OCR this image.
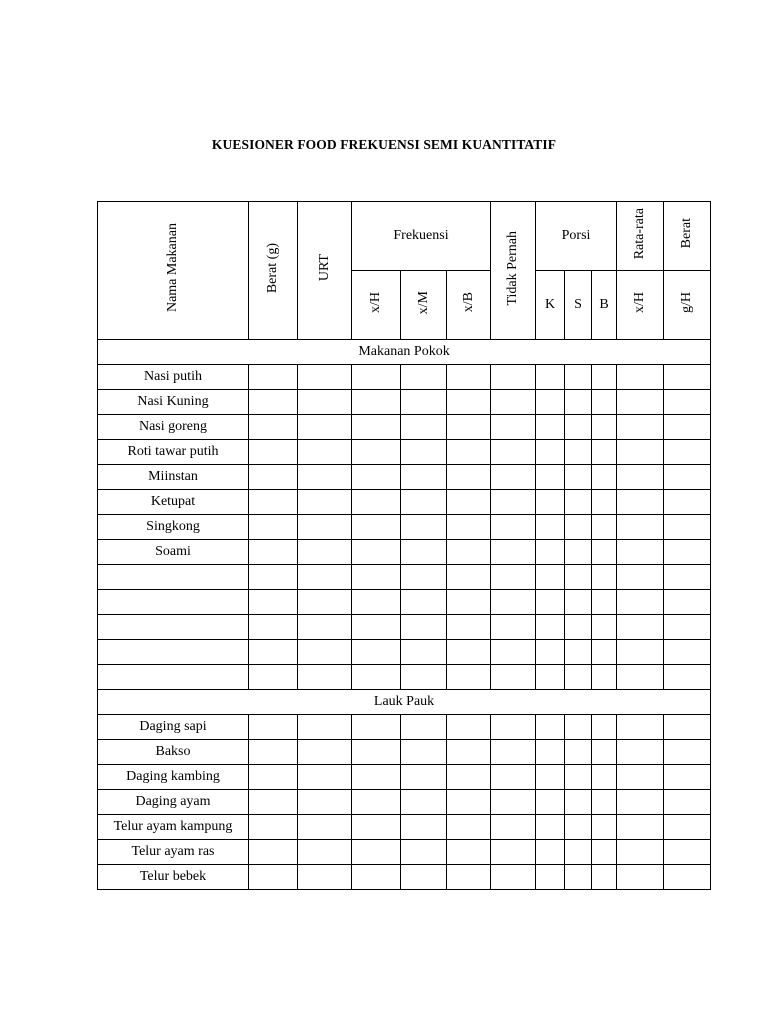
KUESIONER FOOD FREKUENSI SEMI KUANTITATIF
Nama Makanan	Berat (g)	URT	Frekuensi			Tidak Pernah	Porsi			Rata-rata	Berat
			x/H	x/M	x/B		K	S	B	x/H	g/H
Makanan Pokok											
Nasi putih											
Nasi Kuning											
Nasi goreng											
Roti tawar putih											
Miinstan											
Ketupat											
Singkong											
Soami											

Lauk Pauk											
Daging sapi											
Bakso											
Daging kambing											
Daging ayam											
Telur ayam kampung											
Telur ayam ras											
Telur bebek											
